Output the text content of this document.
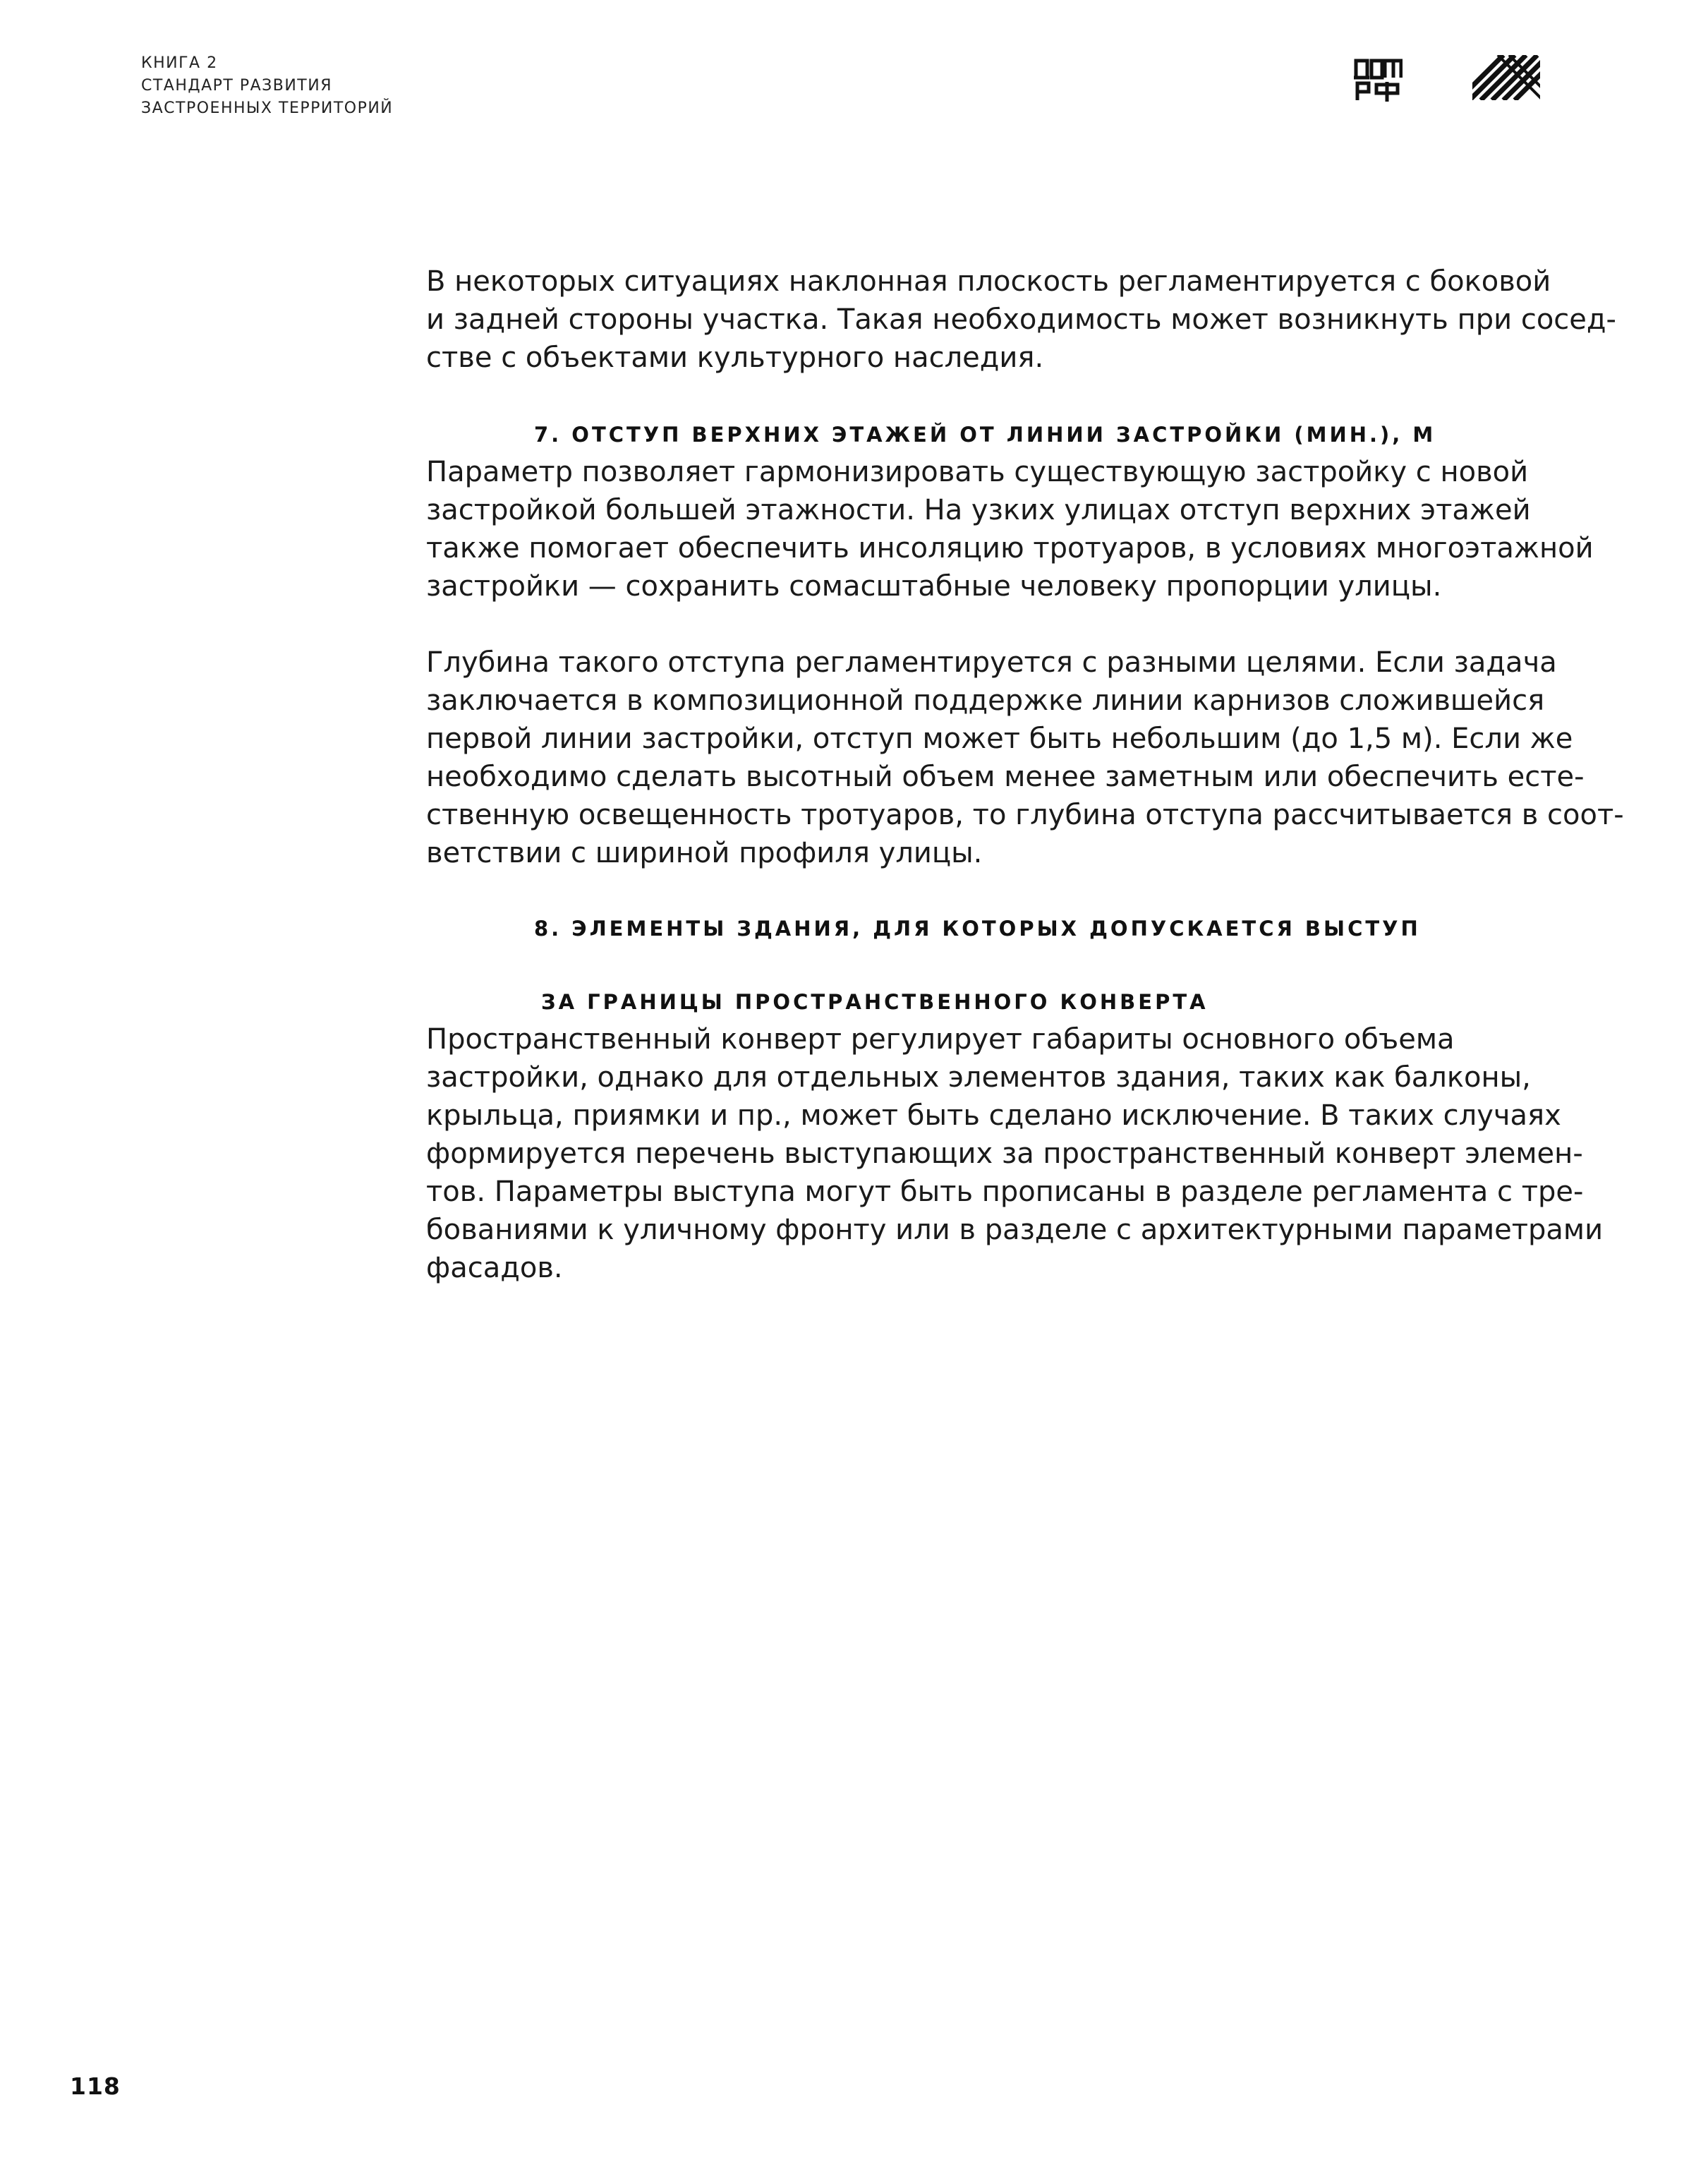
КНИГА 2
СТАНДАРТ РАЗВИТИЯ
ЗАСТРОЕННЫХ ТЕРРИТОРИЙ
В некоторых ситуациях наклонная плоскость регламентируется с боковой
и задней стороны участка. Такая необходимость может возникнуть при сосед-
стве с объектами культурного наследия.
7. ОТСТУП ВЕРХНИХ ЭТАЖЕЙ ОТ ЛИНИИ ЗАСТРОЙКИ (МИН.), М
Параметр позволяет гармонизировать существующую застройку с новой
застройкой большей этажности. На узких улицах отступ верхних этажей
также помогает обеспечить инсоляцию тротуаров, в условиях многоэтажной
застройки — сохранить сомасштабные человеку пропорции улицы.
Глубина такого отступа регламентируется с разными целями. Если задача
заключается в композиционной поддержке линии карнизов сложившейся
первой линии застройки, отступ может быть небольшим (до 1,5 м). Если же
необходимо сделать высотный объем менее заметным или обеспечить есте-
ственную освещенность тротуаров, то глубина отступа рассчитывается в соот-
ветствии с шириной профиля улицы.
8. ЭЛЕМЕНТЫ ЗДАНИЯ, ДЛЯ КОТОРЫХ ДОПУСКАЕТСЯ ВЫСТУП

ЗА ГРАНИЦЫ ПРОСТРАНСТВЕННОГО КОНВЕРТА
Пространственный конверт регулирует габариты основного объема
застройки, однако для отдельных элементов здания, таких как балконы,
крыльца, приямки и пр., может быть сделано исключение. В таких случаях
формируется перечень выступающих за пространственный конверт элемен-
тов. Параметры выступа могут быть прописаны в разделе регламента с тре-
бованиями к уличному фронту или в разделе с архитектурными параметрами
фасадов.
118
